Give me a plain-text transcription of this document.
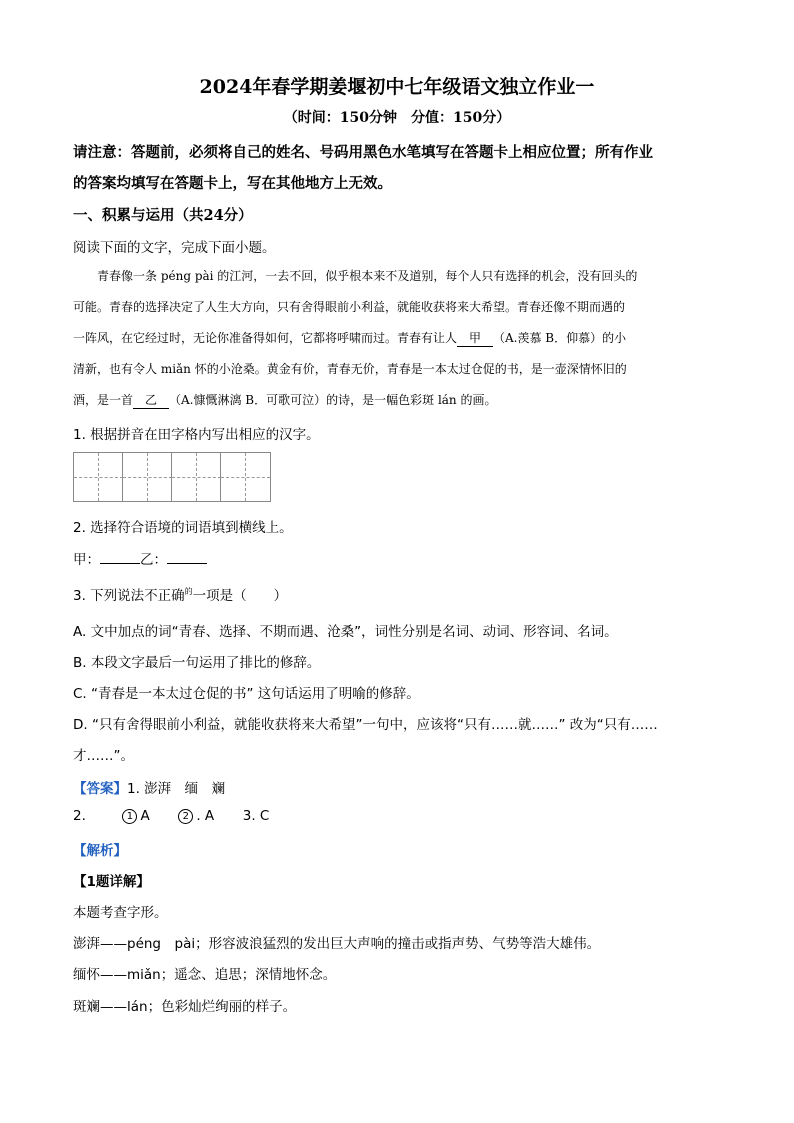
2024年春学期姜堰初中七年级语文独立作业一
（时间：150分钟　分值：150分）
请注意：答题前，必须将自己的姓名、号码用黑色水笔填写在答题卡上相应位置；所有作业
的答案均填写在答题卡上，写在其他地方上无效。
一、积累与运用（共24分）
阅读下面的文字，完成下面小题。
　　青春像一条 péng pài 的江河，一去不回，似乎根本来不及道别，每个人只有选择的机会，没有回头的
可能。青春的选择决定了人生大方向，只有舍得眼前小利益，就能收获将来大希望。青春还像不期而遇的
一阵风，在它经过时，无论你准备得如何，它都将呼啸而过。青春有让人 甲 （A.羡慕 B．仰慕）的小
清新，也有令人 miǎn 怀的小沧桑。黄金有价，青春无价，青春是一本太过仓促的书，是一壶深情怀旧的
酒，是一首 乙 （A.慷慨淋漓 B．可歌可泣）的诗，是一幅色彩斑 lán 的画。
1. 根据拼音在田字格内写出相应的汉字。
2. 选择符合语境的词语填到横线上。
甲：	乙：
3. 下列说法不正确$^的$一项是（　　）
A. 文中加点的词“青春、选择、不期而遇、沧桑”，词性分别是名词、动词、形容词、名词。
B. 本段文字最后一句运用了排比的修辞。
C. “青春是一本太过仓促的书” 这句话运用了明喻的修辞。
D. “只有舍得眼前小利益，就能收获将来大希望”一句中，应该将“只有……就……” 改为“只有……
才……”。
【答案】1. 澎湃　缅　斓
2.	1 A	2 . A 3. C
【解析】
【1题详解】
本题考查字形。
澎湃——péng　pài；形容波浪猛烈的发出巨大声响的撞击或指声势、气势等浩大雄伟。
缅怀——miǎn；遥念、追思；深情地怀念。
斑斓——lán；色彩灿烂绚丽的样子。
